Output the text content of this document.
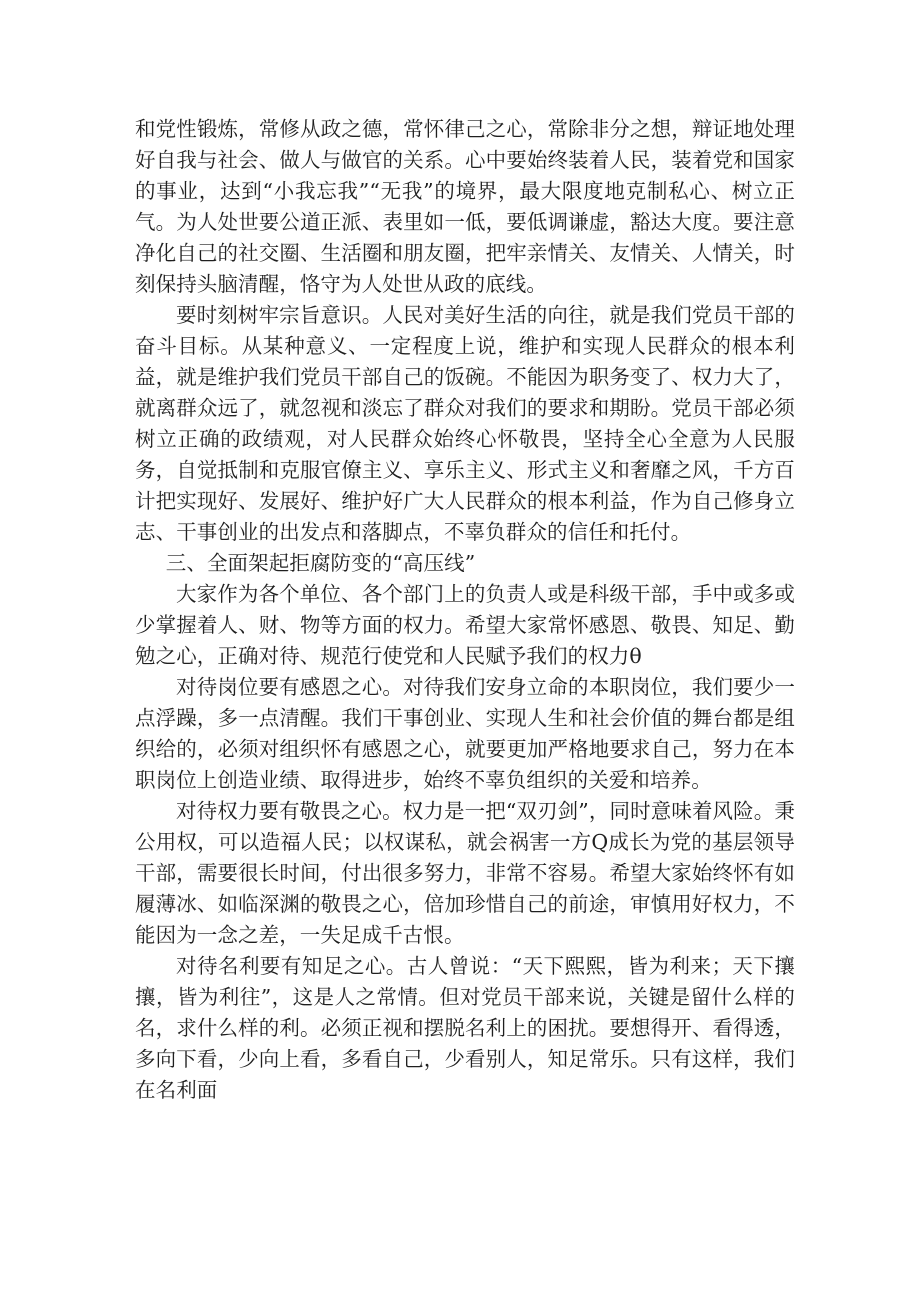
和党性锻炼，常修从政之德，常怀律己之心，常除非分之想，辩证地处理好自我与社会、做人与做官的关系。心中要始终装着人民，装着党和国家的事业，达到“小我忘我”“无我”的境界，最大限度地克制私心、树立正气。为人处世要公道正派、表里如一低，要低调谦虚，豁达大度。要注意净化自己的社交圈、生活圈和朋友圈，把牢亲情关、友情关、人情关，时刻保持头脑清醒，恪守为人处世从政的底线。

要时刻树牢宗旨意识。人民对美好生活的向往，就是我们党员干部的奋斗目标。从某种意义、一定程度上说，维护和实现人民群众的根本利益，就是维护我们党员干部自己的饭碗。不能因为职务变了、权力大了，就离群众远了，就忽视和淡忘了群众对我们的要求和期盼。党员干部必须树立正确的政绩观，对人民群众始终心怀敬畏，坚持全心全意为人民服务，自觉抵制和克服官僚主义、享乐主义、形式主义和奢靡之风，千方百计把实现好、发展好、维护好广大人民群众的根本利益，作为自己修身立志、干事创业的出发点和落脚点，不辜负群众的信任和托付。

三、全面架起拒腐防变的“高压线”

大家作为各个单位、各个部门上的负责人或是科级干部，手中或多或少掌握着人、财、物等方面的权力。希望大家常怀感恩、敬畏、知足、勤勉之心，正确对待、规范行使党和人民赋予我们的权力θ

对待岗位要有感恩之心。对待我们安身立命的本职岗位，我们要少一点浮躁，多一点清醒。我们干事创业、实现人生和社会价值的舞台都是组织给的，必须对组织怀有感恩之心，就要更加严格地要求自己，努力在本职岗位上创造业绩、取得进步，始终不辜负组织的关爱和培养。

对待权力要有敬畏之心。权力是一把“双刃剑”，同时意味着风险。秉公用权，可以造福人民；以权谋私，就会祸害一方Q成长为党的基层领导干部，需要很长时间，付出很多努力，非常不容易。希望大家始终怀有如履薄冰、如临深渊的敬畏之心，倍加珍惜自己的前途，审慎用好权力，不能因为一念之差，一失足成千古恨。

对待名利要有知足之心。古人曾说：“天下熙熙，皆为利来；天下攘攘，皆为利往”，这是人之常情。但对党员干部来说，关键是留什么样的名，求什么样的利。必须正视和摆脱名利上的困扰。要想得开、看得透，多向下看，少向上看，多看自己，少看别人，知足常乐。只有这样，我们在名利面
